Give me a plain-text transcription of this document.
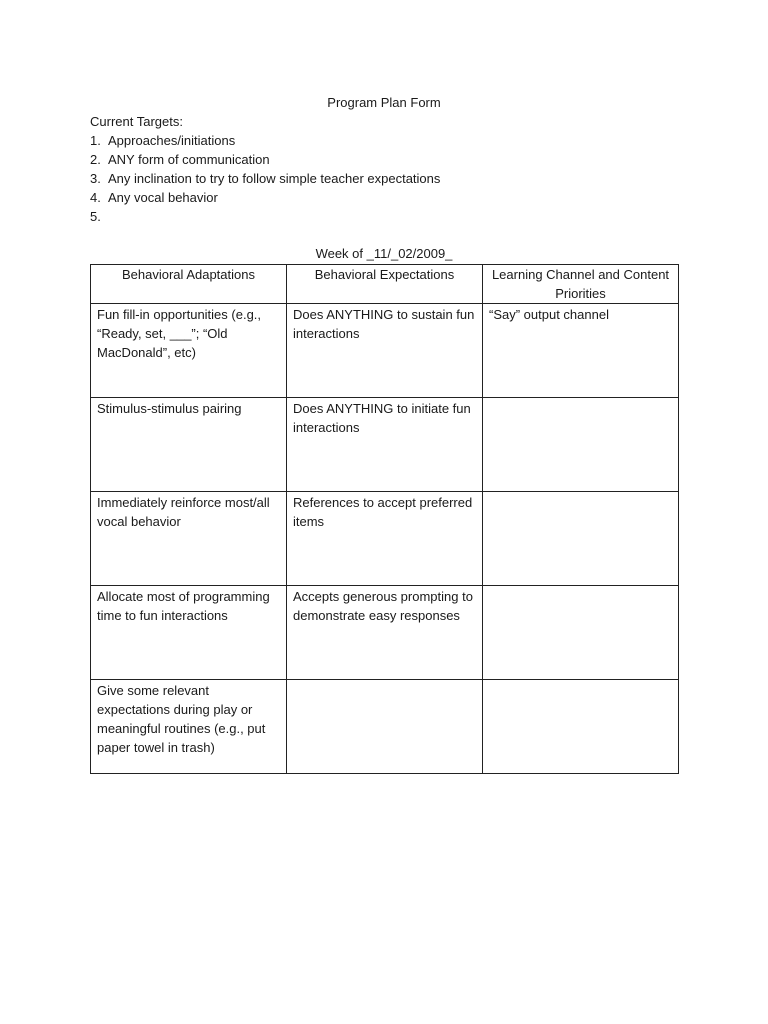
Program Plan Form
Current Targets:
1. Approaches/initiations
2. ANY form of communication
3. Any inclination to try to follow simple teacher expectations
4. Any vocal behavior
5.
Week of _11/_02/2009_
Behavioral Adaptations	Behavioral Expectations	Learning Channel and Content Priorities
Fun fill-in opportunities (e.g., “Ready, set, ___”; “Old MacDonald”, etc)	Does ANYTHING to sustain fun interactions	“Say” output channel
Stimulus-stimulus pairing	Does ANYTHING to initiate fun interactions	
Immediately reinforce most/all vocal behavior	References to accept preferred items	
Allocate most of programming time to fun interactions	Accepts generous prompting to demonstrate easy responses	
Give some relevant expectations during play or meaningful routines (e.g., put paper towel in trash)		
